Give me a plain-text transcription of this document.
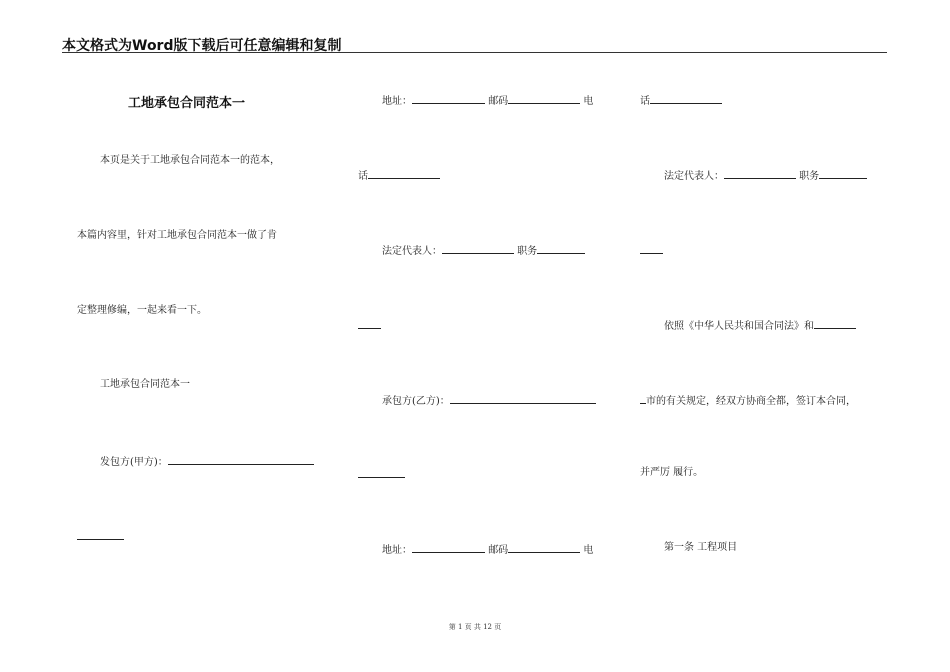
本文格式为Word版下载后可任意编辑和复制
工地承包合同范本一
本页是关于工地承包合同范本一的范本，
本篇内容里，针对工地承包合同范本一做了肯
定整理修编，一起来看一下。
工地承包合同范本一
发包方(甲方)：
地址：	邮码	电
话
法定代表人：	职务
承包方(乙方)：
地址：	邮码	电
话
法定代表人：	职务
依照《中华人民共和国合同法》和
市的有关规定，经双方协商全都，签订本合同，
并严厉 履行。
第一条 工程项目
第 1 页 共 12 页
